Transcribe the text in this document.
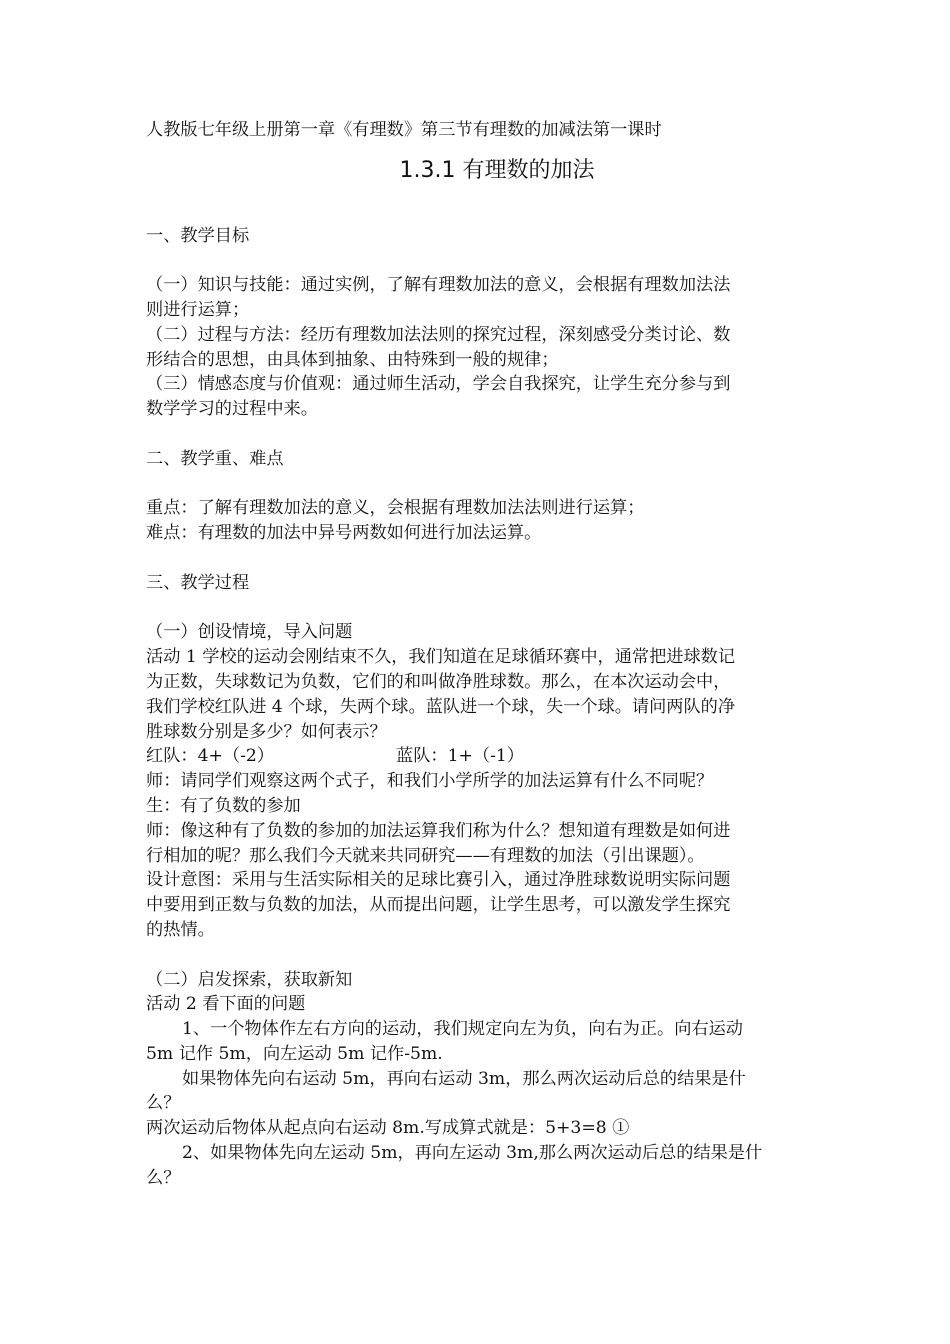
人教版七年级上册第一章《有理数》第三节有理数的加减法第一课时
1.3.1 有理数的加法
一、教学目标
（一）知识与技能：通过实例，了解有理数加法的意义，会根据有理数加法法
则进行运算；
（二）过程与方法：经历有理数加法法则的探究过程，深刻感受分类讨论、数
形结合的思想，由具体到抽象、由特殊到一般的规律；
（三）情感态度与价值观：通过师生活动，学会自我探究，让学生充分参与到
数学学习的过程中来。
二、教学重、难点
重点：了解有理数加法的意义，会根据有理数加法法则进行运算；
难点：有理数的加法中异号两数如何进行加法运算。
三、教学过程
（一）创设情境，导入问题
活动 1 学校的运动会刚结束不久，我们知道在足球循环赛中，通常把进球数记
为正数，失球数记为负数，它们的和叫做净胜球数。那么，在本次运动会中，
我们学校红队进 4 个球，失两个球。蓝队进一个球，失一个球。请问两队的净
胜球数分别是多少？如何表示？
红队：4+（-2）	蓝队：1+（-1）
师：请同学们观察这两个式子，和我们小学所学的加法运算有什么不同呢？
生：有了负数的参加
师：像这种有了负数的参加的加法运算我们称为什么？想知道有理数是如何进
行相加的呢？那么我们今天就来共同研究——有理数的加法（引出课题）。
设计意图：采用与生活实际相关的足球比赛引入，通过净胜球数说明实际问题
中要用到正数与负数的加法，从而提出问题，让学生思考，可以激发学生探究
的热情。
（二）启发探索，获取新知
活动 2 看下面的问题
1、一个物体作左右方向的运动，我们规定向左为负，向右为正。向右运动
5m 记作 5m，向左运动 5m 记作-5m.
如果物体先向右运动 5m，再向右运动 3m，那么两次运动后总的结果是什
么？
两次运动后物体从起点向右运动 8m.写成算式就是：5+3=8 ①
2、如果物体先向左运动 5m，再向左运动 3m,那么两次运动后总的结果是什
么？
